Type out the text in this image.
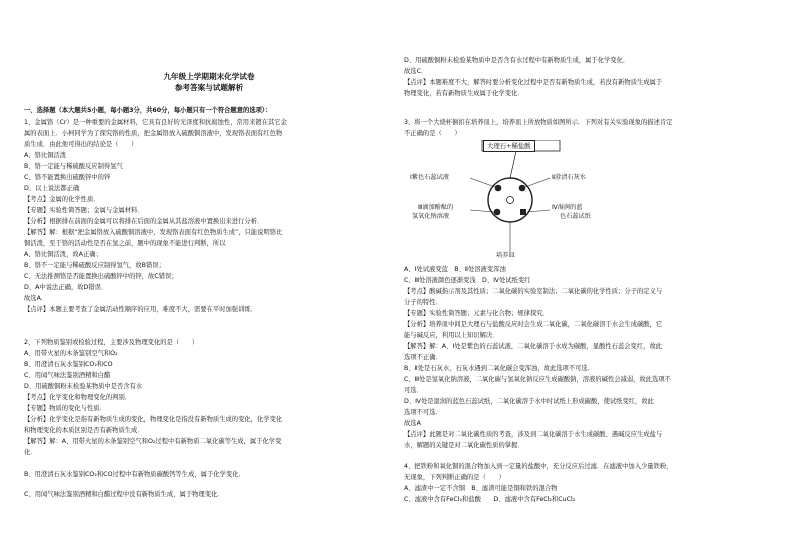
九年级上学期期末化学试卷
参考答案与试题解析
一、选择题（本大题共5小题，每小题3分，共60分，每小题只有一个符合题意的选项）：
1、金属铬（Cr）是一种重要的金属材料，它具有良好的光泽度和抗腐蚀性，常用来镀在其它金
属的表面上．小柯同学为了探究铬的性质，把金属铬放入硫酸铜溶液中，发现铬表面有红色物
质生成．由此他可得出的结论是（　　）
A、铬比铜活泼
B、铬一定能与稀硫酸反应制得氢气
C、铬不能置换出硫酸锌中的锌
D、以上说法都正确
【考点】金属的化学性质．
【专题】实验性简答题；金属与金属材料．
【分析】根据排在前面的金属可以将排在后面的金属从其盐溶液中置换出来进行分析．
【解答】解：根据“把金属铬放入硫酸铜溶液中，发现铬表面有红色物质生成”，只能说明铬比
铜活泼，至于铬的活动性是否在氢之前，题中的现象不能进行判断，所以
A、铬比铜活泼，故A正确；
B、铬不一定能与稀硫酸反应制得氢气，故B错误；
C、无法推测铬是否能置换出硫酸锌中的锌，故C错误；
D、A中说法正确，故D错误．
故选A．
【点评】本题主要考查了金属活动性顺序的应用，难度不大，需要在平时加强训练．
2、下列物质鉴别或检验过程，主要涉及物理变化的是（　　）
A、用带火星的木条鉴别空气和O₂
B、用澄清石灰水鉴别CO₂和CO
C、用闻气味法鉴别酒精和白醋
D、用硫酸铜粉末检验某物质中是否含有水
【考点】化学变化和物理变化的判别．
【专题】物质的变化与性质．
【分析】化学变化是指有新物质生成的变化，物理变化是指没有新物质生成的变化，化学变化
和物理变化的本质区别是否有新物质生成．
【解答】解：A、用带火星的木条鉴别空气和O₂过程中有新物质二氧化碳等生成，属于化学变
化．
B、用澄清石灰水鉴别CO₂和CO过程中有新物质碳酸钙等生成，属于化学变化．
C、用闻气味法鉴别酒精和白醋过程中没有新物质生成，属于物理变化．
D、用硫酸铜粉末检验某物质中是否含有水过程中有新物质生成，属于化学变化．
故选C．
【点评】本题难度不大，解答时要分析变化过程中是否有新物质生成，若没有新物质生成属于
物理变化，若有新物质生成属于化学变化．
3、将一个大烧杯倒扣在培养皿上，培养皿上所放物质如图所示．下列对有关实验现象的描述肯定
不正确的是（　　）
A、Ⅰ处试液变蓝　B、Ⅱ处溶液变浑浊
C、Ⅲ处溶液颜色逐渐变浅　D、Ⅳ处试纸变红
【考点】酸碱指示剂及其性质；二氧化碳的实验室制法；二氧化碳的化学性质；分子的定义与
分子的特性．
【专题】实验性简答题；元素与化合物；规律探究．
【分析】培养皿中间是大理石与盐酸反应时会生成二氧化碳，二氧化碳溶于水会生成碳酸，它
能与碱反应，利用以上知识解决．
【解答】解：A、Ⅰ处是紫色的石蕊试液，二氧化碳溶于水成为碳酸，显酸性石蕊会变红，故此
选项不正确．
B、Ⅱ处是石灰水，石灰水遇到二氧化碳会变浑浊，故此选项不可选．
C、Ⅲ处是氢氧化钠溶液，二氧化碳与氢氧化钠反应生成碳酸钠，溶液的碱性会减弱，故此选项不
可选．
D、Ⅳ处是湿润的蓝色石蕊试纸，二氧化碳溶于水中时试纸上形成碳酸，使试纸变红，故此
选项不可选．
故选A
【点评】此题是对二氧化碳性质的考查，涉及到二氧化碳溶于水生成碳酸、遇碱反应生成盐与
水，解题的关键是对二氧化碳性质的掌握．
4、把铁粉和氧化铜的混合物加入到一定量的盐酸中，充分反应后过滤．在滤液中加入少量铁粉，
无现象，下列判断正确的是（　　）
A、滤渣中一定不含铜　B、滤渣可能是铜和铁的混合物
C、滤液中含有FeCl₂和盐酸　　D、滤液中含有FeCl₂和CuCl₂
大理石+稀盐酸
Ⅰ紫色石蕊试液	Ⅱ澄清石灰水
Ⅲ滴加酚酞的
氢氧化钠溶液
Ⅳ湿润的蓝
色石蕊试纸
培养皿
